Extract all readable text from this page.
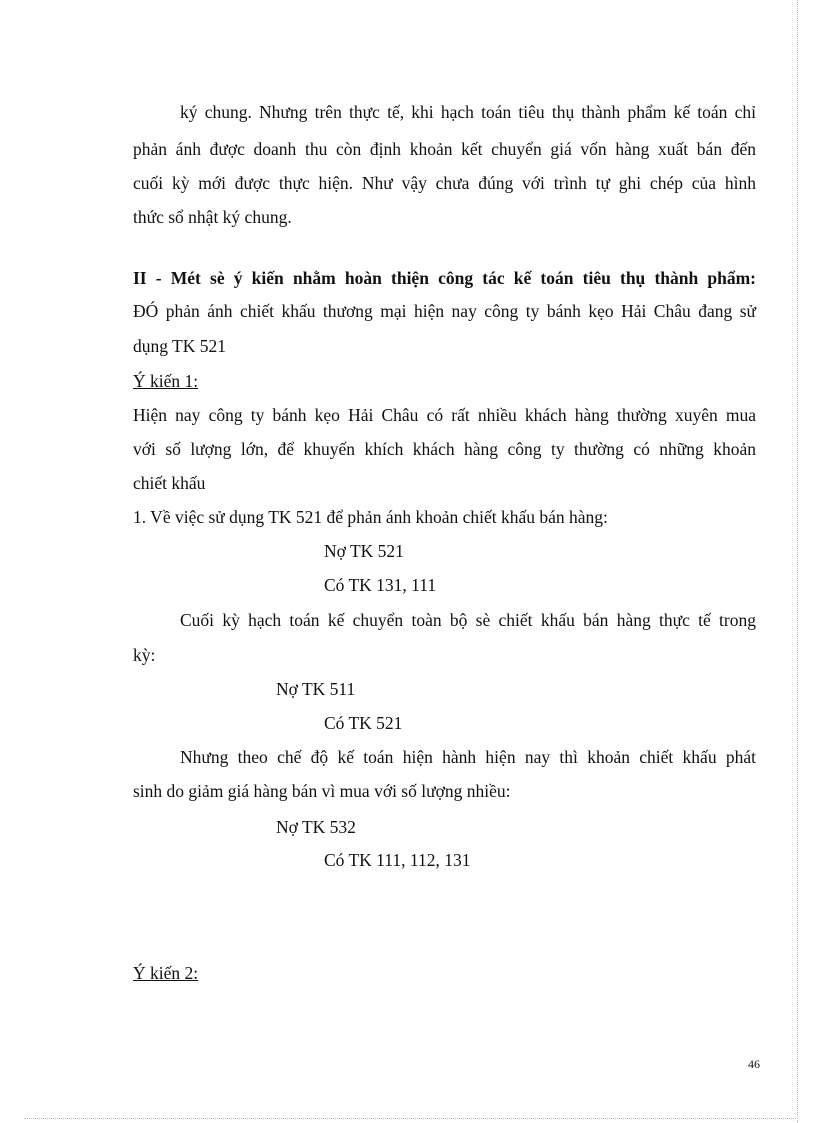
ký chung. Nhưng trên thực tế, khi hạch toán tiêu thụ thành phẩm kế toán chỉ
phản ánh được doanh thu còn định khoản kết chuyển giá vốn hàng xuất bán đến
cuối kỳ mới được thực hiện. Như vậy chưa đúng với trình tự ghi chép của hình
thức sổ nhật ký chung.
II - Mét sè ý kiến nhằm hoàn thiện công tác kế toán tiêu thụ thành phẩm:
ĐÓ phản ánh chiết khấu thương mại hiện nay công ty bánh kẹo Hải Châu đang sử
dụng TK 521
Ý kiến 1:
Hiện nay công ty bánh kẹo Hải Châu có rất nhiều khách hàng thường xuyên mua
với số lượng lớn, để khuyến khích khách hàng công ty thường có những khoản
chiết khấu
1. Về việc sử dụng TK 521 để phản ánh khoản chiết khấu bán hàng:
Nợ TK 521
Có TK 131, 111
Cuối kỳ hạch toán kế chuyển toàn bộ sè chiết khấu bán hàng thực tế trong
kỳ:
Nợ TK 511
Có TK 521
Nhưng theo chế độ kế toán hiện hành hiện nay thì khoản chiết khấu phát
sinh do giảm giá hàng bán vì mua với số lượng nhiều:
Nợ TK 532
Có TK 111, 112, 131
Ý kiến 2:
46
